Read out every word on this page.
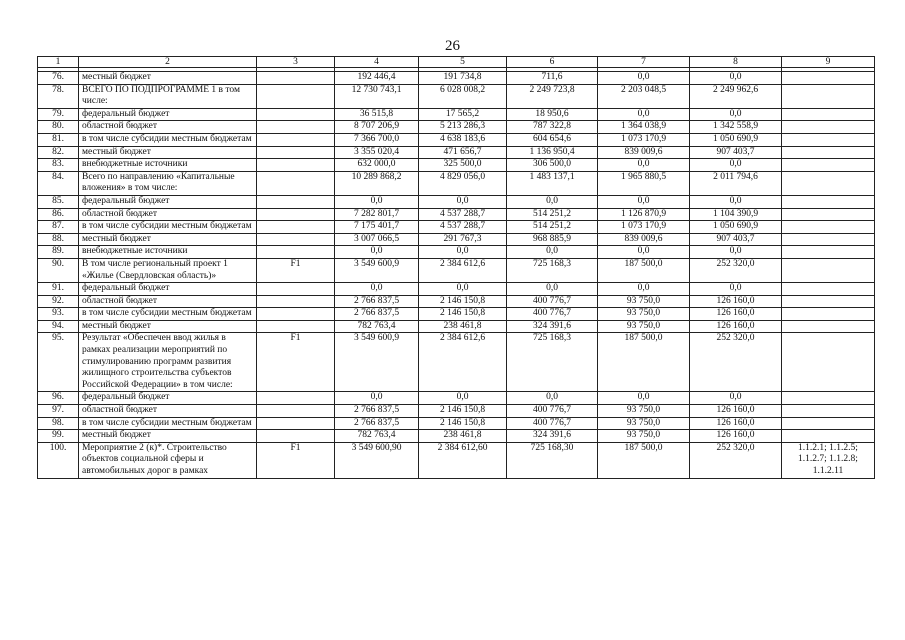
26
1	2	3	4	5	6	7	8	9

76.	местный бюджет		192 446,4	191 734,8	711,6	0,0	0,0	
78.	ВСЕГО ПО ПОДПРОГРАММЕ 1 в том числе:		12 730 743,1	6 028 008,2	2 249 723,8	2 203 048,5	2 249 962,6	
79.	федеральный бюджет		36 515,8	17 565,2	18 950,6	0,0	0,0	
80.	областной бюджет		8 707 206,9	5 213 286,3	787 322,8	1 364 038,9	1 342 558,9	
81.	в том числе субсидии местным бюджетам		7 366 700,0	4 638 183,6	604 654,6	1 073 170,9	1 050 690,9	
82.	местный бюджет		3 355 020,4	471 656,7	1 136 950,4	839 009,6	907 403,7	
83.	внебюджетные источники		632 000,0	325 500,0	306 500,0	0,0	0,0	
84.	Всего по направлению «Капитальные вложения» в том числе:		10 289 868,2	4 829 056,0	1 483 137,1	1 965 880,5	2 011 794,6	
85.	федеральный бюджет		0,0	0,0	0,0	0,0	0,0	
86.	областной бюджет		7 282 801,7	4 537 288,7	514 251,2	1 126 870,9	1 104 390,9	
87.	в том числе субсидии местным бюджетам		7 175 401,7	4 537 288,7	514 251,2	1 073 170,9	1 050 690,9	
88.	местный бюджет		3 007 066,5	291 767,3	968 885,9	839 009,6	907 403,7	
89.	внебюджетные источники		0,0	0,0	0,0	0,0	0,0	
90.	В том числе региональный проект 1 «Жилье (Свердловская область)»	F1	3 549 600,9	2 384 612,6	725 168,3	187 500,0	252 320,0	
91.	федеральный бюджет		0,0	0,0	0,0	0,0	0,0	
92.	областной бюджет		2 766 837,5	2 146 150,8	400 776,7	93 750,0	126 160,0	
93.	в том числе субсидии местным бюджетам		2 766 837,5	2 146 150,8	400 776,7	93 750,0	126 160,0	
94.	местный бюджет		782 763,4	238 461,8	324 391,6	93 750,0	126 160,0	
95.	Результат «Обеспечен ввод жилья в рамках реализации мероприятий по стимулированию программ развития жилищного строительства субъектов Российской Федерации» в том числе:	F1	3 549 600,9	2 384 612,6	725 168,3	187 500,0	252 320,0	
96.	федеральный бюджет		0,0	0,0	0,0	0,0	0,0	
97.	областной бюджет		2 766 837,5	2 146 150,8	400 776,7	93 750,0	126 160,0	
98.	в том числе субсидии местным бюджетам		2 766 837,5	2 146 150,8	400 776,7	93 750,0	126 160,0	
99.	местный бюджет		782 763,4	238 461,8	324 391,6	93 750,0	126 160,0	
100.	Мероприятие 2 (к)*. Строительство объектов социальной сферы и автомобильных дорог в рамках	F1	3 549 600,90	2 384 612,60	725 168,30	187 500,0	252 320,0	1.1.2.1; 1.1.2.5; 1.1.2.7; 1.1.2.8; 1.1.2.11
